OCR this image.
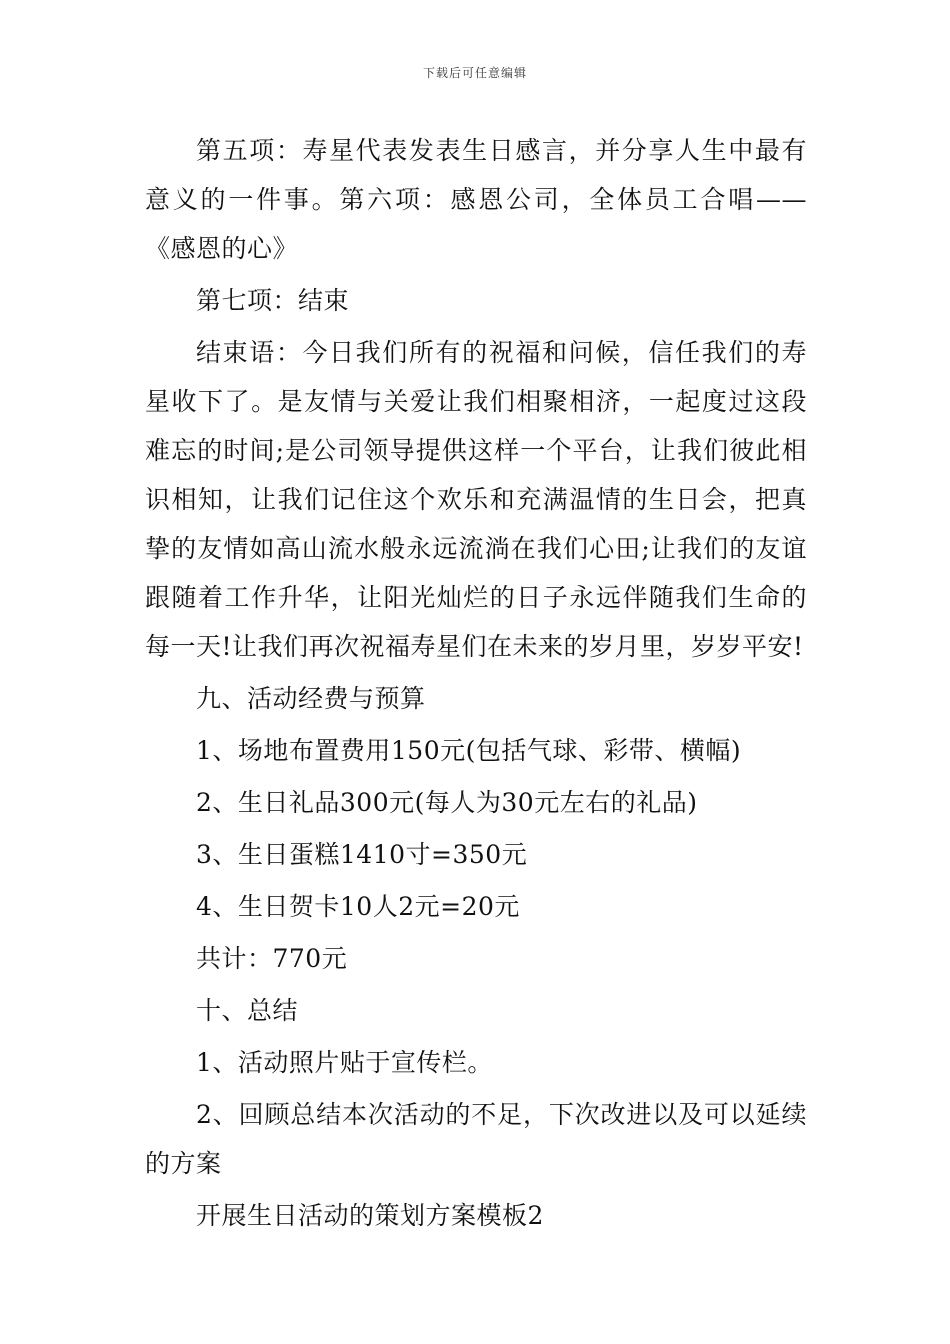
下载后可任意编辑
第五项：寿星代表发表生日感言，并分享人生中最有意义的一件事。第六项：感恩公司，全体员工合唱——《感恩的心》
第七项：结束
结束语：今日我们所有的祝福和问候，信任我们的寿星收下了。是友情与关爱让我们相聚相济，一起度过这段难忘的时间;是公司领导提供这样一个平台，让我们彼此相识相知，让我们记住这个欢乐和充满温情的生日会，把真挚的友情如高山流水般永远流淌在我们心田;让我们的友谊跟随着工作升华，让阳光灿烂的日子永远伴随我们生命的每一天!让我们再次祝福寿星们在未来的岁月里，岁岁平安!
九、活动经费与预算
1、场地布置费用150元(包括气球、彩带、横幅)
2、生日礼品300元(每人为30元左右的礼品)
3、生日蛋糕1410寸=350元
4、生日贺卡10人2元=20元
共计：770元
十、总结
1、活动照片贴于宣传栏。
2、回顾总结本次活动的不足，下次改进以及可以延续的方案
开展生日活动的策划方案模板2
